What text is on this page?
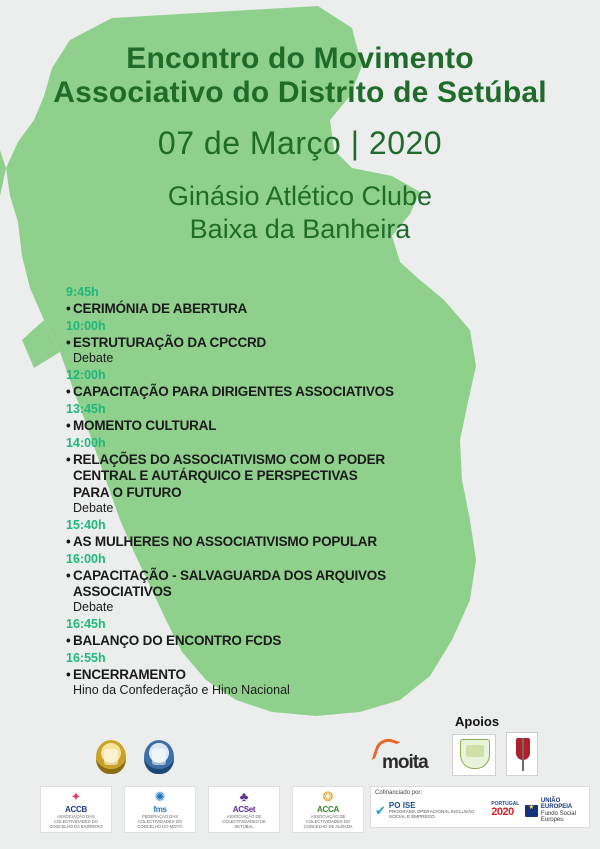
Encontro do Movimento
Associativo do Distrito de Setúbal
07 de Março | 2020
Ginásio Atlético Clube
Baixa da Banheira
9:45h
• CERIMÓNIA DE ABERTURA
10:00h
• ESTRUTURAÇÃO DA CPCCRD
Debate
12:00h
• CAPACITAÇÃO PARA DIRIGENTES ASSOCIATIVOS
13:45h
• MOMENTO CULTURAL
14:00h
• RELAÇÕES DO ASSOCIATIVISMO COM O PODER CENTRAL E AUTÁRQUICO E PERSPECTIVAS PARA O FUTURO
Debate
15:40h
• AS MULHERES NO ASSOCIATIVISMO POPULAR
16:00h
• CAPACITAÇÃO - SALVAGUARDA DOS ARQUIVOS ASSOCIATIVOS
Debate
16:45h
• BALANÇO DO ENCONTRO FCDS
16:55h
• ENCERRAMENTO
Hino da Confederação e Hino Nacional
Apoios
moita
Cofinanciado por:
✔ PO ISE
PROGRAMA OPERACIONAL INCLUSÃO SOCIAL E EMPREGO
PORTUGAL
2020
★
UNIÃO EUROPEIA
Fundo Social Europeu
✦
ACCB
ASSOCIAÇÃO DAS COLECTIVIDADES DO CONCELHO DA BARREIRO
✺
fms
FEDERAÇÃO DAS COLECTIVIDADES DO CONCELHO DO MOITA
♣
ACSet
ASSOCIAÇÃO DE COLECTIVIDADES DE SETÚBAL
❂
ACCA
ASSOCIAÇÃO DE COLECTIVIDADES DO CONCELHO DE ALMADA
